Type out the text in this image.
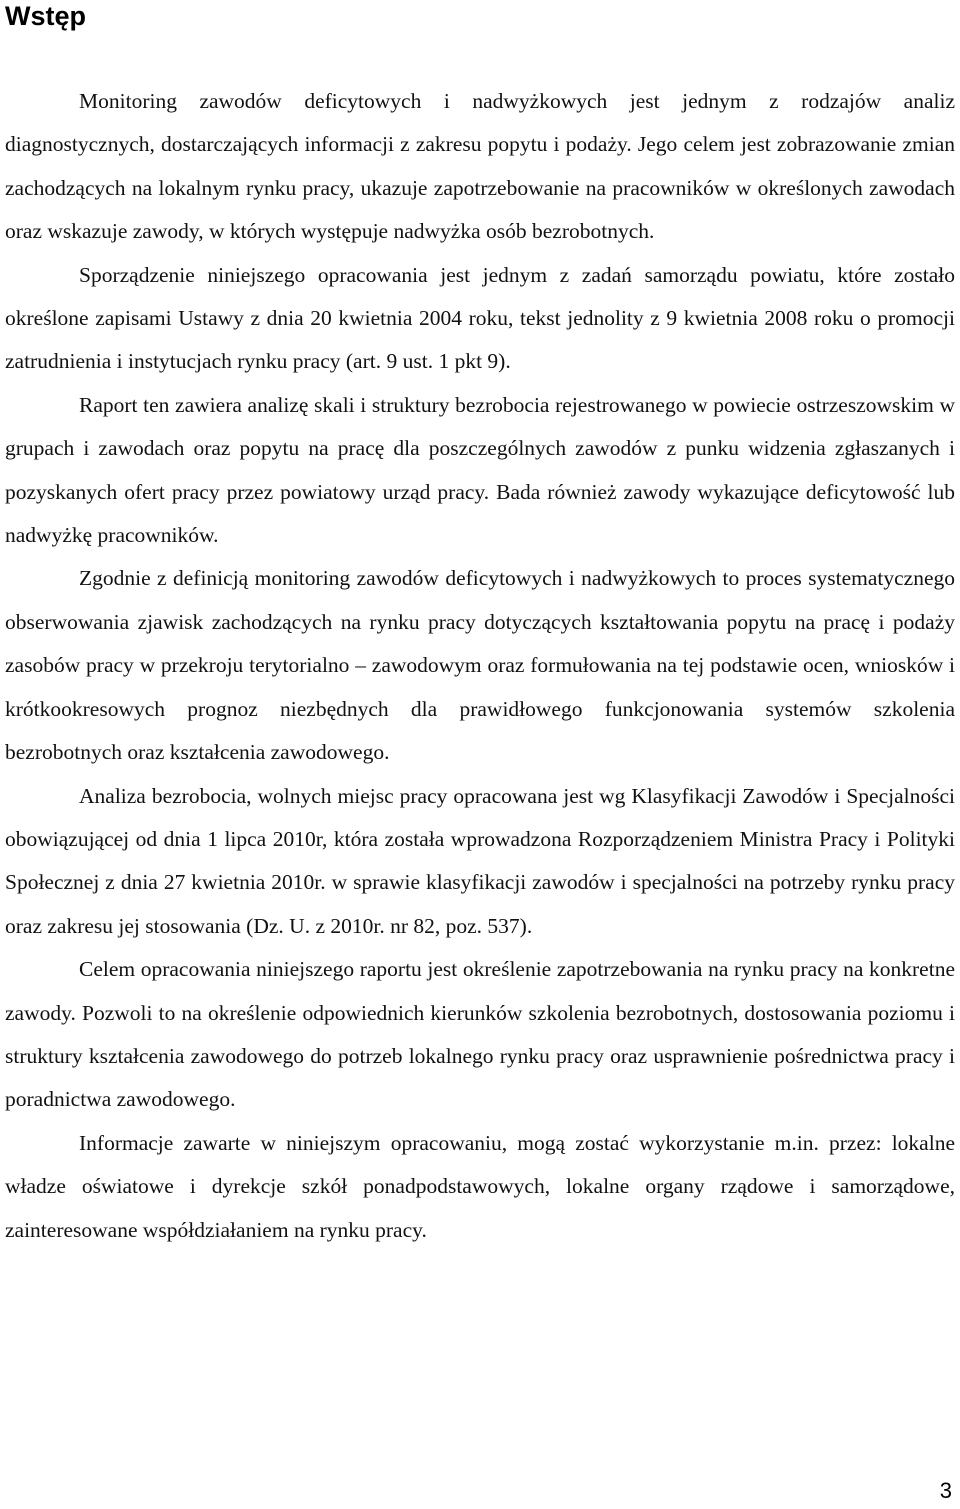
Wstęp

Monitoring zawodów deficytowych i nadwyżkowych jest jednym z rodzajów analiz diagnostycznych, dostarczających informacji z zakresu popytu i podaży. Jego celem jest zobrazowanie zmian zachodzących na lokalnym rynku pracy, ukazuje zapotrzebowanie na pracowników w określonych zawodach oraz wskazuje zawody, w których występuje nadwyżka osób bezrobotnych.

Sporządzenie niniejszego opracowania jest jednym z zadań samorządu powiatu, które zostało określone zapisami Ustawy z dnia 20 kwietnia 2004 roku, tekst jednolity z 9 kwietnia 2008 roku o promocji zatrudnienia i instytucjach rynku pracy (art. 9 ust. 1 pkt 9).

Raport ten zawiera analizę skali i struktury bezrobocia rejestrowanego w powiecie ostrzeszowskim w grupach i zawodach oraz popytu na pracę dla poszczególnych zawodów z punku widzenia zgłaszanych i pozyskanych ofert pracy przez powiatowy urząd pracy. Bada również zawody wykazujące deficytowość lub nadwyżkę pracowników.

Zgodnie z definicją monitoring zawodów deficytowych i nadwyżkowych to proces systematycznego obserwowania zjawisk zachodzących na rynku pracy dotyczących kształtowania popytu na pracę i podaży zasobów pracy w przekroju terytorialno – zawodowym oraz formułowania na tej podstawie ocen, wniosków i krótkookresowych prognoz niezbędnych dla prawidłowego funkcjonowania systemów szkolenia bezrobotnych oraz kształcenia zawodowego.

Analiza bezrobocia, wolnych miejsc pracy opracowana jest wg Klasyfikacji Zawodów i Specjalności obowiązującej od dnia 1 lipca 2010r, która została wprowadzona Rozporządzeniem Ministra Pracy i Polityki Społecznej z dnia 27 kwietnia 2010r. w sprawie klasyfikacji zawodów i specjalności na potrzeby rynku pracy oraz zakresu jej stosowania (Dz. U. z 2010r. nr 82, poz. 537).

Celem opracowania niniejszego raportu jest określenie zapotrzebowania na rynku pracy na konkretne zawody. Pozwoli to na określenie odpowiednich kierunków szkolenia bezrobotnych, dostosowania poziomu i struktury kształcenia zawodowego do potrzeb lokalnego rynku pracy oraz usprawnienie pośrednictwa pracy i poradnictwa zawodowego.

Informacje zawarte w niniejszym opracowaniu, mogą zostać wykorzystanie m.in. przez: lokalne władze oświatowe i dyrekcje szkół ponadpodstawowych, lokalne organy rządowe i samorządowe, zainteresowane współdziałaniem na rynku pracy.

3
